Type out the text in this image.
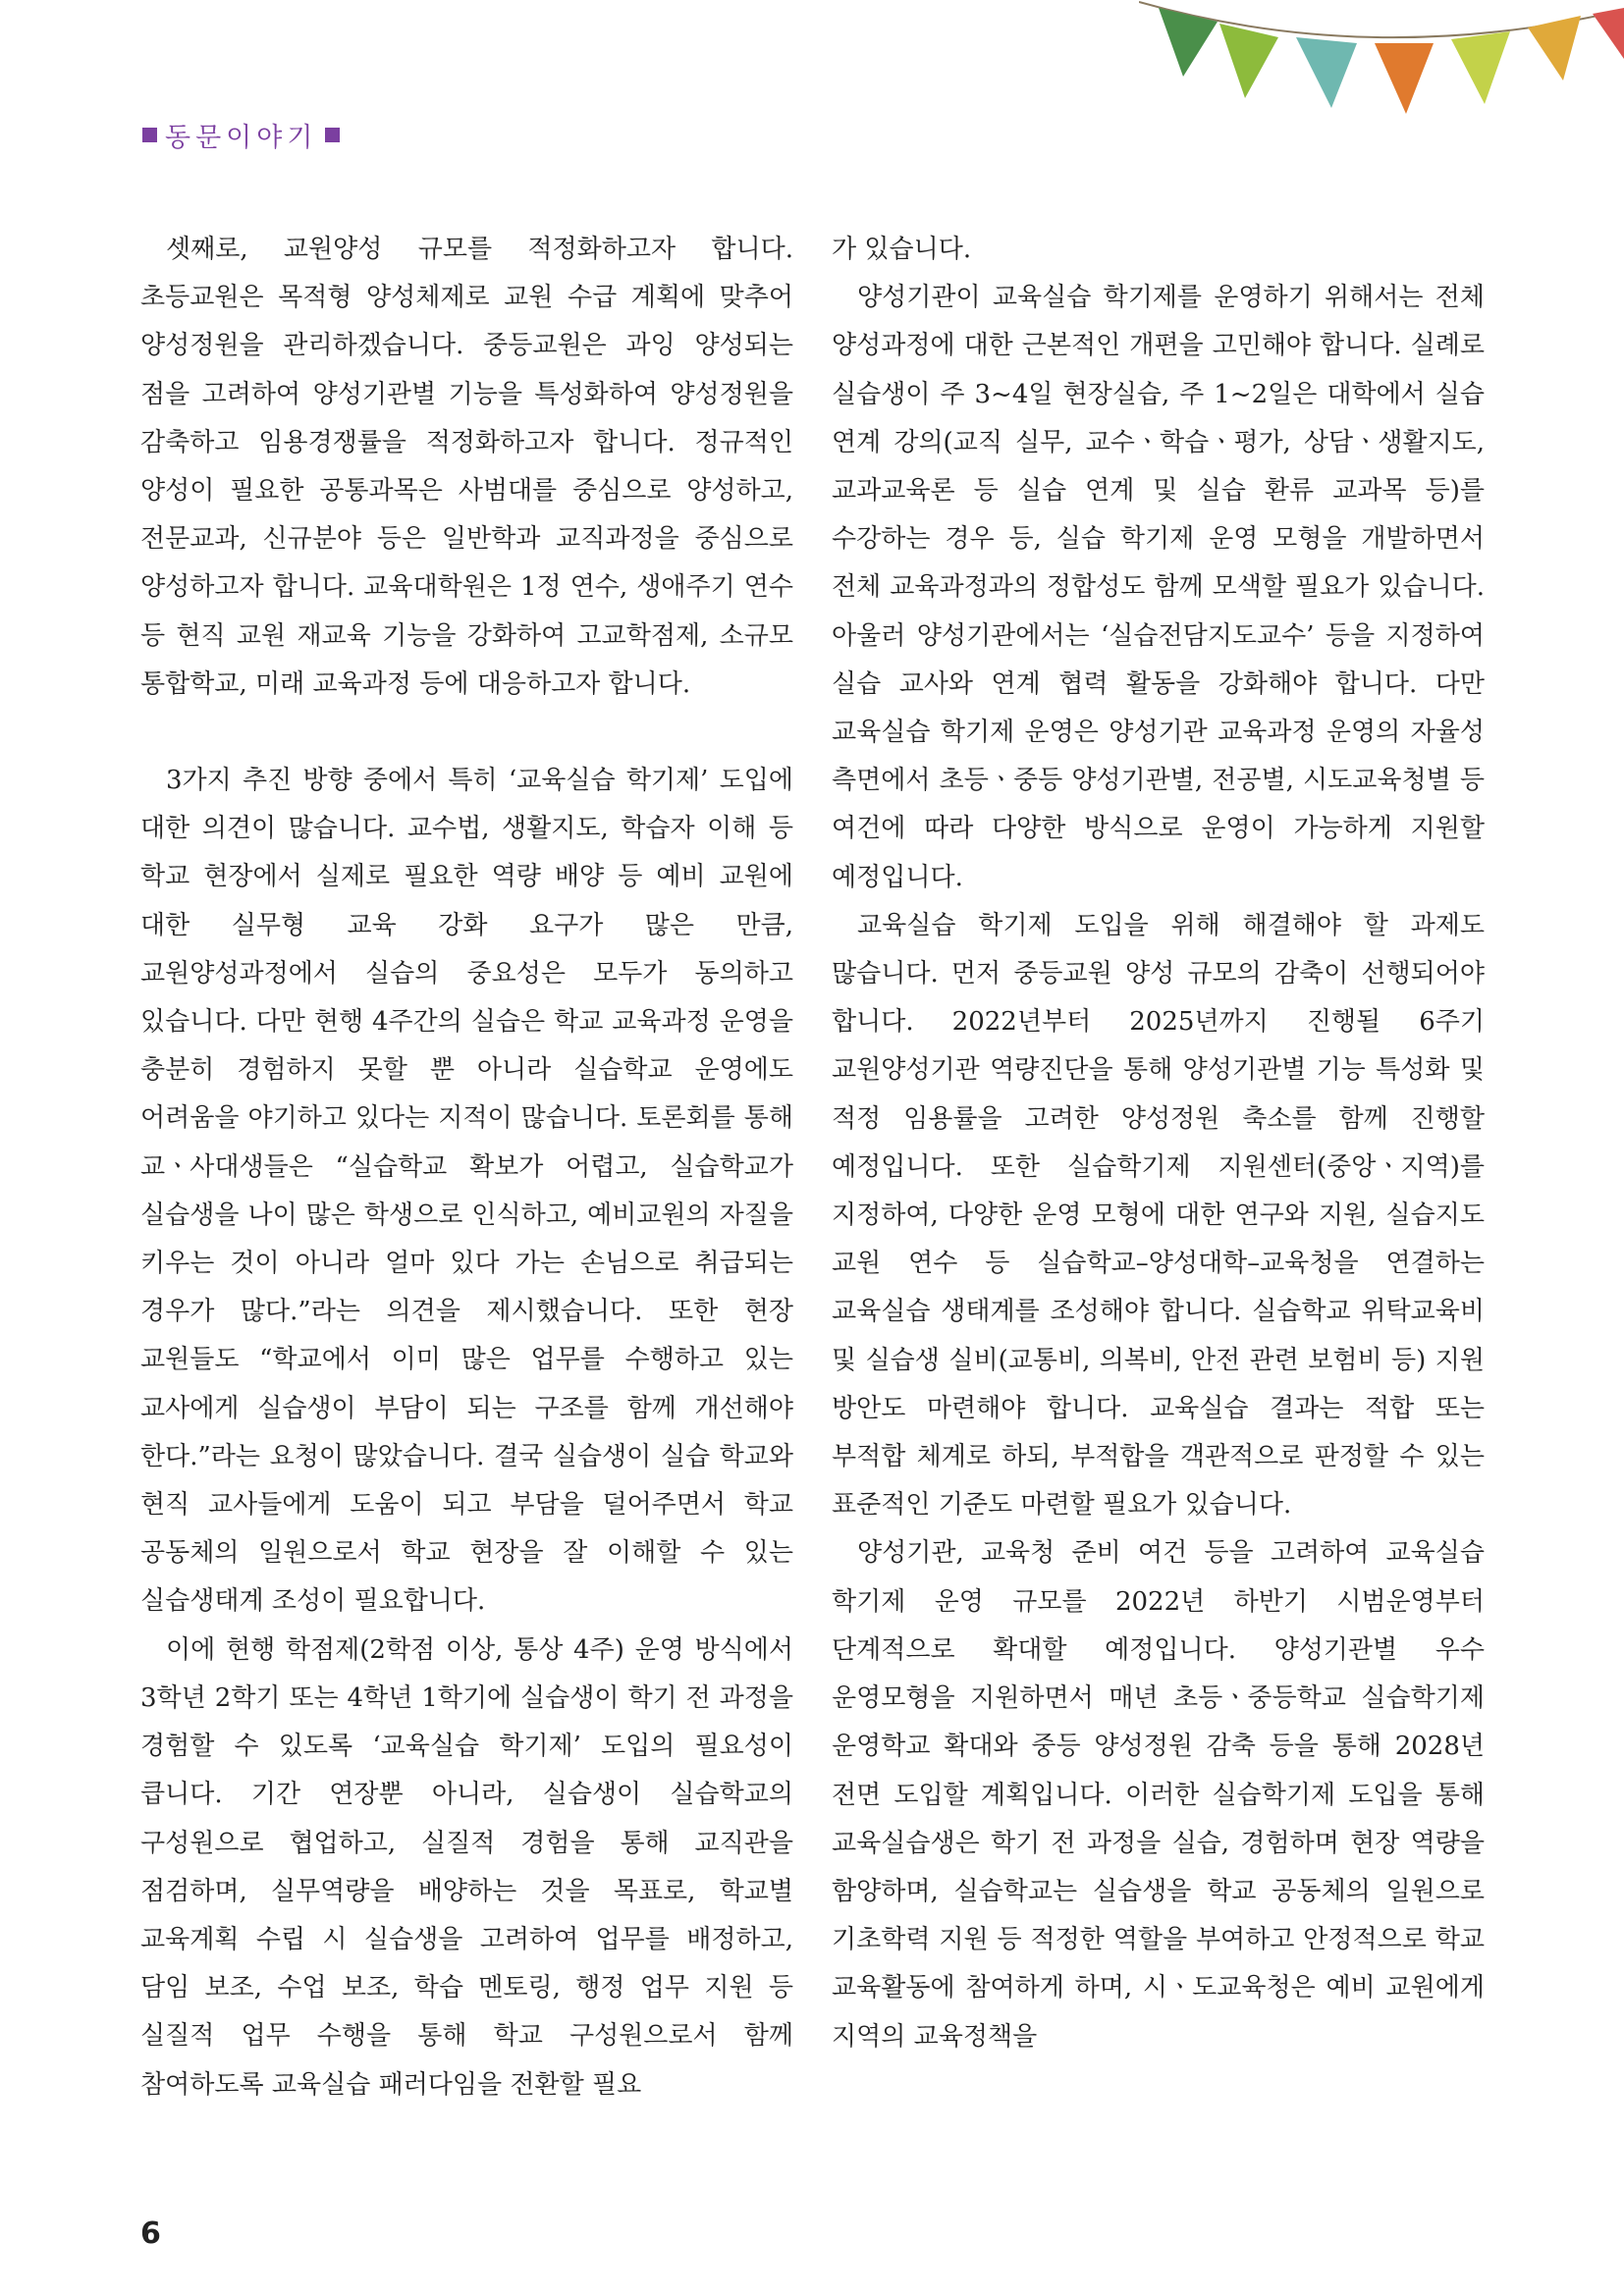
동문이야기

셋째로, 교원양성 규모를 적정화하고자 합니다. 초등교원은 목적형 양성체제로 교원 수급 계획에 맞추어 양성정원을 관리하겠습니다. 중등교원은 과잉 양성되는 점을 고려하여 양성기관별 기능을 특성화하여 양성정원을 감축하고 임용경쟁률을 적정화하고자 합니다. 정규적인 양성이 필요한 공통과목은 사범대를 중심으로 양성하고, 전문교과, 신규분야 등은 일반학과 교직과정을 중심으로 양성하고자 합니다. 교육대학원은 1정 연수, 생애주기 연수 등 현직 교원 재교육 기능을 강화하여 고교학점제, 소규모 통합학교, 미래 교육과정 등에 대응하고자 합니다.

3가지 추진 방향 중에서 특히 ‘교육실습 학기제’ 도입에 대한 의견이 많습니다. 교수법, 생활지도, 학습자 이해 등 학교 현장에서 실제로 필요한 역량 배양 등 예비 교원에 대한 실무형 교육 강화 요구가 많은 만큼, 교원양성과정에서 실습의 중요성은 모두가 동의하고 있습니다. 다만 현행 4주간의 실습은 학교 교육과정 운영을 충분히 경험하지 못할 뿐 아니라 실습학교 운영에도 어려움을 야기하고 있다는 지적이 많습니다. 토론회를 통해 교ㆍ사대생들은 “실습학교 확보가 어렵고, 실습학교가 실습생을 나이 많은 학생으로 인식하고, 예비교원의 자질을 키우는 것이 아니라 얼마 있다 가는 손님으로 취급되는 경우가 많다.”라는 의견을 제시했습니다. 또한 현장 교원들도 “학교에서 이미 많은 업무를 수행하고 있는 교사에게 실습생이 부담이 되는 구조를 함께 개선해야 한다.”라는 요청이 많았습니다. 결국 실습생이 실습 학교와 현직 교사들에게 도움이 되고 부담을 덜어주면서 학교 공동체의 일원으로서 학교 현장을 잘 이해할 수 있는 실습생태계 조성이 필요합니다.

이에 현행 학점제(2학점 이상, 통상 4주) 운영 방식에서 3학년 2학기 또는 4학년 1학기에 실습생이 학기 전 과정을 경험할 수 있도록 ‘교육실습 학기제’ 도입의 필요성이 큽니다. 기간 연장뿐 아니라, 실습생이 실습학교의 구성원으로 협업하고, 실질적 경험을 통해 교직관을 점검하며, 실무역량을 배양하는 것을 목표로, 학교별 교육계획 수립 시 실습생을 고려하여 업무를 배정하고, 담임 보조, 수업 보조, 학습 멘토링, 행정 업무 지원 등 실질적 업무 수행을 통해 학교 구성원으로서 함께 참여하도록 교육실습 패러다임을 전환할 필요

가 있습니다.

양성기관이 교육실습 학기제를 운영하기 위해서는 전체 양성과정에 대한 근본적인 개편을 고민해야 합니다. 실례로 실습생이 주 3~4일 현장실습, 주 1~2일은 대학에서 실습 연계 강의(교직 실무, 교수ㆍ학습ㆍ평가, 상담ㆍ생활지도, 교과교육론 등 실습 연계 및 실습 환류 교과목 등)를 수강하는 경우 등, 실습 학기제 운영 모형을 개발하면서 전체 교육과정과의 정합성도 함께 모색할 필요가 있습니다. 아울러 양성기관에서는 ‘실습전담지도교수’ 등을 지정하여 실습 교사와 연계 협력 활동을 강화해야 합니다. 다만 교육실습 학기제 운영은 양성기관 교육과정 운영의 자율성 측면에서 초등ㆍ중등 양성기관별, 전공별, 시도교육청별 등 여건에 따라 다양한 방식으로 운영이 가능하게 지원할 예정입니다.

교육실습 학기제 도입을 위해 해결해야 할 과제도 많습니다. 먼저 중등교원 양성 규모의 감축이 선행되어야 합니다. 2022년부터 2025년까지 진행될 6주기 교원양성기관 역량진단을 통해 양성기관별 기능 특성화 및 적정 임용률을 고려한 양성정원 축소를 함께 진행할 예정입니다. 또한 실습학기제 지원센터(중앙ㆍ지역)를 지정하여, 다양한 운영 모형에 대한 연구와 지원, 실습지도 교원 연수 등 실습학교–양성대학–교육청을 연결하는 교육실습 생태계를 조성해야 합니다. 실습학교 위탁교육비 및 실습생 실비(교통비, 의복비, 안전 관련 보험비 등) 지원 방안도 마련해야 합니다. 교육실습 결과는 적합 또는 부적합 체계로 하되, 부적합을 객관적으로 판정할 수 있는 표준적인 기준도 마련할 필요가 있습니다.

양성기관, 교육청 준비 여건 등을 고려하여 교육실습 학기제 운영 규모를 2022년 하반기 시범운영부터 단계적으로 확대할 예정입니다. 양성기관별 우수 운영모형을 지원하면서 매년 초등ㆍ중등학교 실습학기제 운영학교 확대와 중등 양성정원 감축 등을 통해 2028년 전면 도입할 계획입니다. 이러한 실습학기제 도입을 통해 교육실습생은 학기 전 과정을 실습, 경험하며 현장 역량을 함양하며, 실습학교는 실습생을 학교 공동체의 일원으로 기초학력 지원 등 적정한 역할을 부여하고 안정적으로 학교 교육활동에 참여하게 하며, 시ㆍ도교육청은 예비 교원에게 지역의 교육정책을

6
